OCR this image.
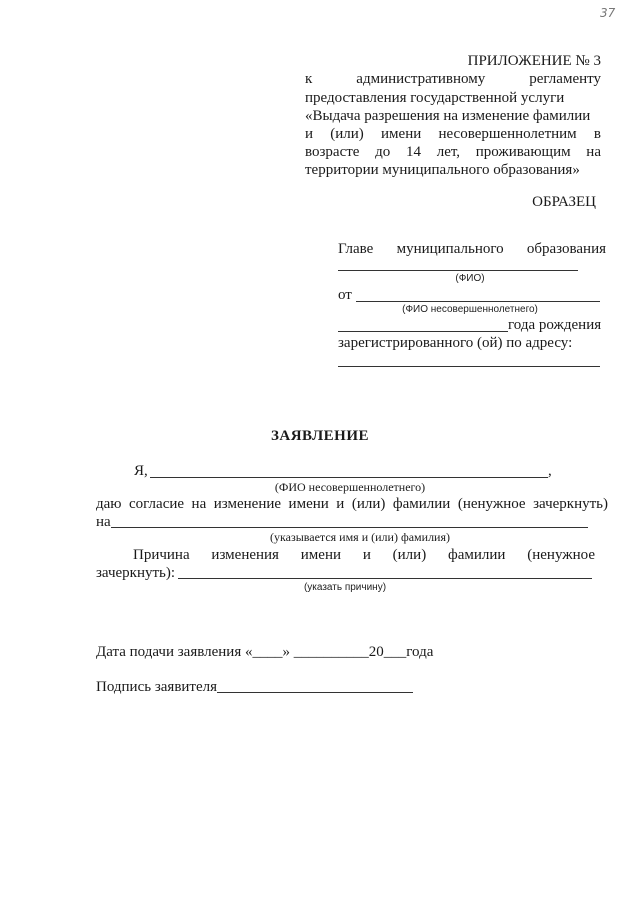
37
ПРИЛОЖЕНИЕ № 3
к административному регламенту
предоставления государственной услуги
«Выдача разрешения на изменение фамилии
и (или) имени несовершеннолетним в
возрасте до 14 лет, проживающим на
территории муниципального образования»
ОБРАЗЕЦ
Главе муниципального образования
(ФИО)
от
(ФИО несовершеннолетнего)
года рождения
зарегистрированного (ой) по адресу:
ЗАЯВЛЕНИЕ
Я,	,
(ФИО несовершеннолетнего)
даю согласие на изменение имени и (или) фамилии (ненужное зачеркнуть)
на
(указывается имя и (или) фамилия)
Причина изменения имени и (или) фамилии (ненужное
зачеркнуть):
(указать причину)
Дата подачи заявления «____» __________20___года
Подпись заявителя
